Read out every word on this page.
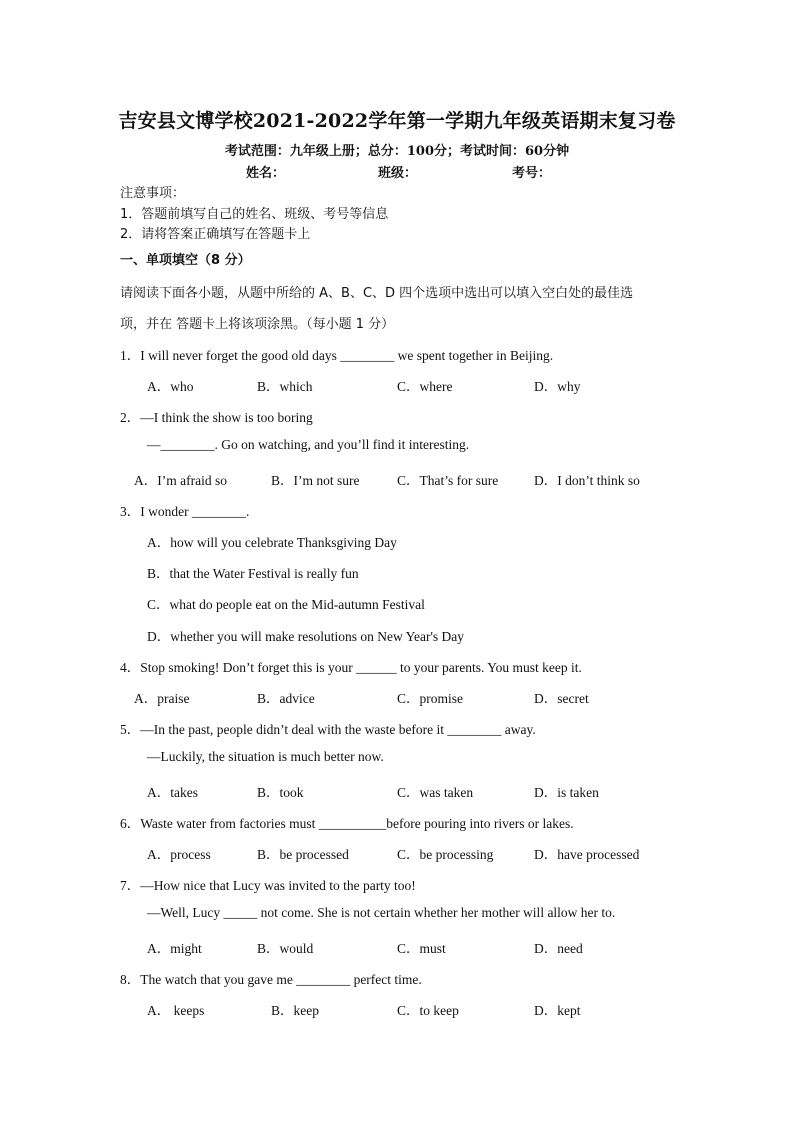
吉安县文博学校2021-2022学年第一学期九年级英语期末复习卷
考试范围：九年级上册；总分：100分；考试时间：60分钟
姓名：	班级：	考号：
注意事项：
1．答题前填写自己的姓名、班级、考号等信息
2．请将答案正确填写在答题卡上
一、单项填空（8 分）
请阅读下面各小题，从题中所给的 A、B、C、D 四个选项中选出可以填入空白处的最佳选
项，并在 答题卡上将该项涂黑。（每小题 1 分）
1．I will never forget the good old days ________ we spent together in Beijing.
A．who	B．which	C．where	D．why
2．—I think the show is too boring
—________. Go on watching, and you’ll find it interesting.
A．I’m afraid so	B．I’m not sure	C．That’s for sure	D．I don’t think so
3．I wonder ________.
A．how will you celebrate Thanksgiving Day
B．that the Water Festival is really fun
C．what do people eat on the Mid-autumn Festival
D．whether you will make resolutions on New Year's Day
4．Stop smoking! Don’t forget this is your ______ to your parents. You must keep it.
A．praise	B．advice	C．promise	D．secret
5．—In the past, people didn’t deal with the waste before it ________ away.
—Luckily, the situation is much better now.
A．takes	B．took	C．was taken	D．is taken
6．Waste water from factories must __________before pouring into rivers or lakes.
A．process	B．be processed	C．be processing	D．have processed
7．—How nice that Lucy was invited to the party too!
—Well, Lucy _____ not come. She is not certain whether her mother will allow her to.
A．might	B．would	C．must	D．need
8．The watch that you gave me ________ perfect time.
A． keeps	B．keep	C．to keep	D．kept
